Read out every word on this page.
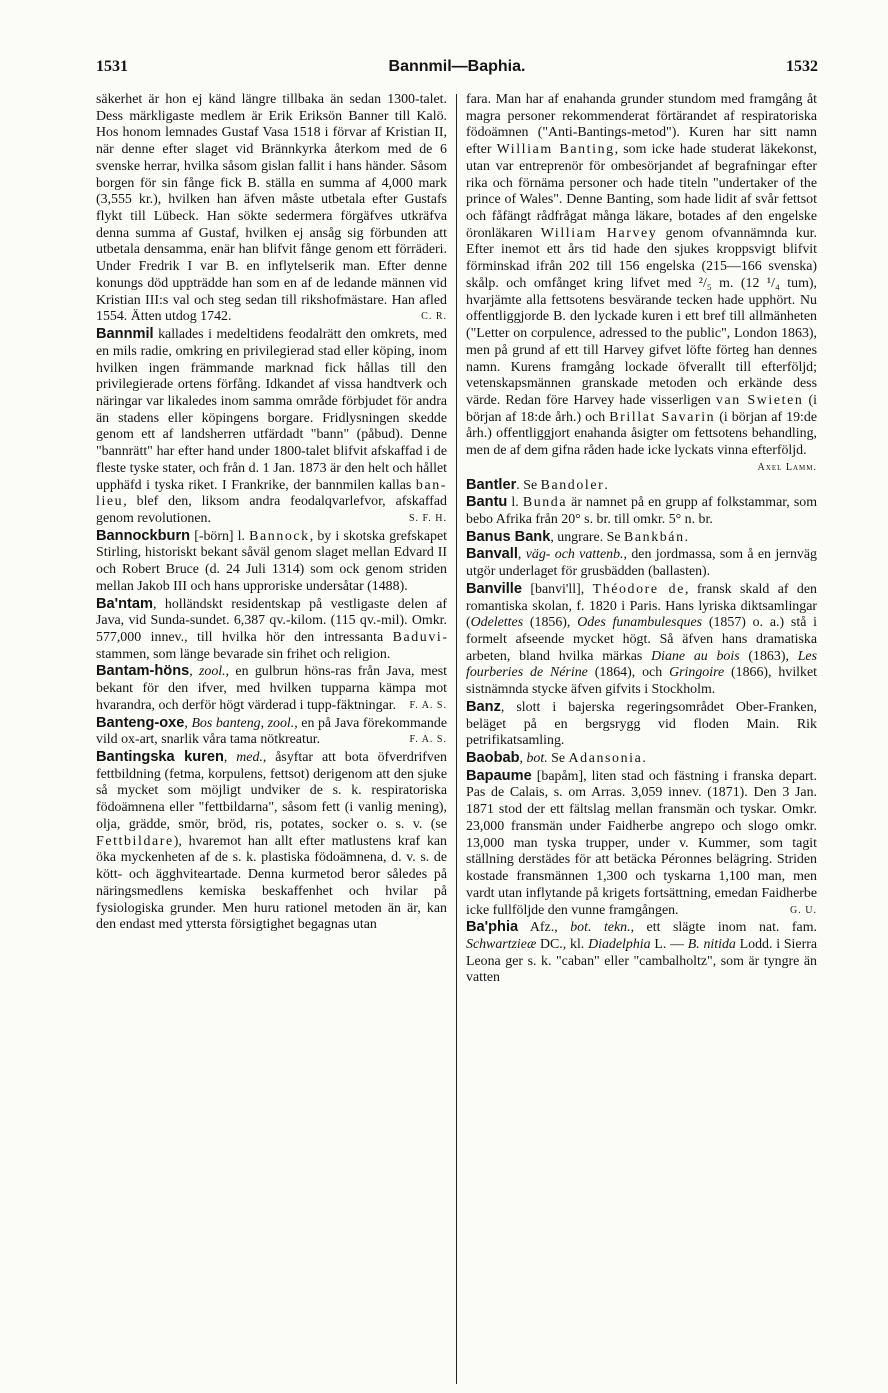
1531	Bannmil—Baphia.	1532

säkerhet är hon ej känd längre tillbaka än sedan 1300-talet. Dess märkligaste medlem är Erik Eriksön Banner till Kalö. Hos honom lemnades Gustaf Vasa 1518 i förvar af Kristian II, när denne efter slaget vid Brännkyrka återkom med de 6 svenske herrar, hvilka såsom gislan fallit i hans händer. Såsom borgen för sin fånge fick B. ställa en summa af 4,000 mark (3,555 kr.), hvilken han äfven måste utbetala efter Gustafs flykt till Lübeck. Han sökte sedermera förgäfves utkräfva denna summa af Gustaf, hvilken ej ansåg sig förbunden att utbetala densamma, enär han blifvit fånge genom ett förräderi. Under Fredrik I var B. en inflytelserik man. Efter denne konungs död uppträdde han som en af de ledande männen vid Kristian III:s val och steg sedan till rikshofmästare. Han afled 1554. Ätten utdog 1742.	C. R.

Bannmil kallades i medeltidens feodalrätt den omkrets, med en mils radie, omkring en privilegierad stad eller köping, inom hvilken ingen främmande marknad fick hållas till den privilegierade ortens förfång. Idkandet af vissa handtverk och näringar var likaledes inom samma område förbjudet för andra än stadens eller köpingens borgare. Fridlysningen skedde genom ett af landsherren utfärdadt "bann" (påbud). Denne "bannrätt" har efter hand under 1800-talet blifvit afskaffad i de fleste tyske stater, och från d. 1 Jan. 1873 är den helt och hållet upphäfd i tyska riket. I Frankrike, der bannmilen kallas ban-lieu, blef den, liksom andra feodalqvarlefvor, afskaffad genom revolutionen.	S. F. H.

Bannockburn [-börn] l. Bannock, by i skotska grefskapet Stirling, historiskt bekant såväl genom slaget mellan Edvard II och Robert Bruce (d. 24 Juli 1314) som ock genom striden mellan Jakob III och hans upproriske undersåtar (1488).

Ba'ntam, holländskt residentskap på vestligaste delen af Java, vid Sunda-sundet. 6,387 qv.-kilom. (115 qv.-mil). Omkr. 577,000 innev., till hvilka hör den intressanta Baduvi-stammen, som länge bevarade sin frihet och religion.

Bantam-höns, zool., en gulbrun höns-ras från Java, mest bekant för den ifver, med hvilken tupparna kämpa mot hvarandra, och derför högt värderad i tupp-fäktningar. F. A. S.

Banteng-oxe, Bos banteng, zool., en på Java förekommande vild ox-art, snarlik våra tama nötkreatur.	F. A. S.

Bantingska kuren, med., åsyftar att bota öfverdrifven fettbildning (fetma, korpulens, fettsot) derigenom att den sjuke så mycket som möjligt undviker de s. k. respiratoriska födoämnena eller "fettbildarna", såsom fett (i vanlig mening), olja, grädde, smör, bröd, ris, potates, socker o. s. v. (se Fettbildare), hvaremot han allt efter matlustens kraf kan öka myckenheten af de s. k. plastiska födoämnena, d. v. s. de kött- och ägghviteartade. Denna kurmetod beror således på näringsmedlens kemiska beskaffenhet och hvilar på fysiologiska grunder. Men huru rationel metoden än är, kan den endast med yttersta försigtighet begagnas utan

fara. Man har af enahanda grunder stundom med framgång åt magra personer rekommenderat förtärandet af respiratoriska födoämnen ("Anti-Bantings-metod"). Kuren har sitt namn efter William Banting, som icke hade studerat läkekonst, utan var entreprenör för ombesörjandet af begrafningar efter rika och förnäma personer och hade titeln "undertaker of the prince of Wales". Denne Banting, som hade lidit af svår fettsot och fåfängt rådfrågat många läkare, botades af den engelske öronläkaren William Harvey genom ofvannämnda kur. Efter inemot ett års tid hade den sjukes kroppsvigt blifvit förminskad ifrån 202 till 156 engelska (215—166 svenska) skålp. och omfånget kring lifvet med ²/₅ m. (12 ¹/₄ tum), hvarjämte alla fettsotens besvärande tecken hade upphört. Nu offentliggjorde B. den lyckade kuren i ett bref till allmänheten ("Letter on corpulence, adressed to the public", London 1863), men på grund af ett till Harvey gifvet löfte förteg han dennes namn. Kurens framgång lockade öfverallt till efterföljd; vetenskapsmännen granskade metoden och erkände dess värde. Redan före Harvey hade visserligen van Swieten (i början af 18:de årh.) och Brillat Savarin (i början af 19:de årh.) offentliggjort enahanda åsigter om fettsotens behandling, men de af dem gifna råden hade icke lyckats vinna efterföljd.
Axel Lamm.

Bantler. Se Bandoler.

Bantu l. Bunda är namnet på en grupp af folkstammar, som bebo Afrika från 20° s. br. till omkr. 5° n. br.

Banus Bank, ungrare. Se Bankbán.

Banvall, väg- och vattenb., den jordmassa, som å en jernväg utgör underlaget för grusbädden (ballasten).

Banville [banvi'll], Théodore de, fransk skald af den romantiska skolan, f. 1820 i Paris. Hans lyriska diktsamlingar (Odelettes (1856), Odes funambulesques (1857) o. a.) stå i formelt afseende mycket högt. Så äfven hans dramatiska arbeten, bland hvilka märkas Diane au bois (1863), Les fourberies de Nérine (1864), och Gringoire (1866), hvilket sistnämnda stycke äfven gifvits i Stockholm.

Banz, slott i bajerska regeringsområdet Ober-Franken, beläget på en bergsrygg vid floden Main. Rik petrifikatsamling.

Baobab, bot. Se Adansonia.

Bapaume [bapåm], liten stad och fästning i franska depart. Pas de Calais, s. om Arras. 3,059 innev. (1871). Den 3 Jan. 1871 stod der ett fältslag mellan fransmän och tyskar. Omkr. 23,000 fransmän under Faidherbe angrepo och slogo omkr. 13,000 man tyska trupper, under v. Kummer, som tagit ställning derstädes för att betäcka Péronnes belägring. Striden kostade fransmännen 1,300 och tyskarna 1,100 man, men vardt utan inflytande på krigets fortsättning, emedan Faidherbe icke fullföljde den vunne framgången.	G. U.

Ba'phia Afz., bot. tekn., ett slägte inom nat. fam. Schwartzieæ DC., kl. Diadelphia L. — B. nitida Lodd. i Sierra Leona ger s. k. "caban" eller "cambalholtz", som är tyngre än vatten
